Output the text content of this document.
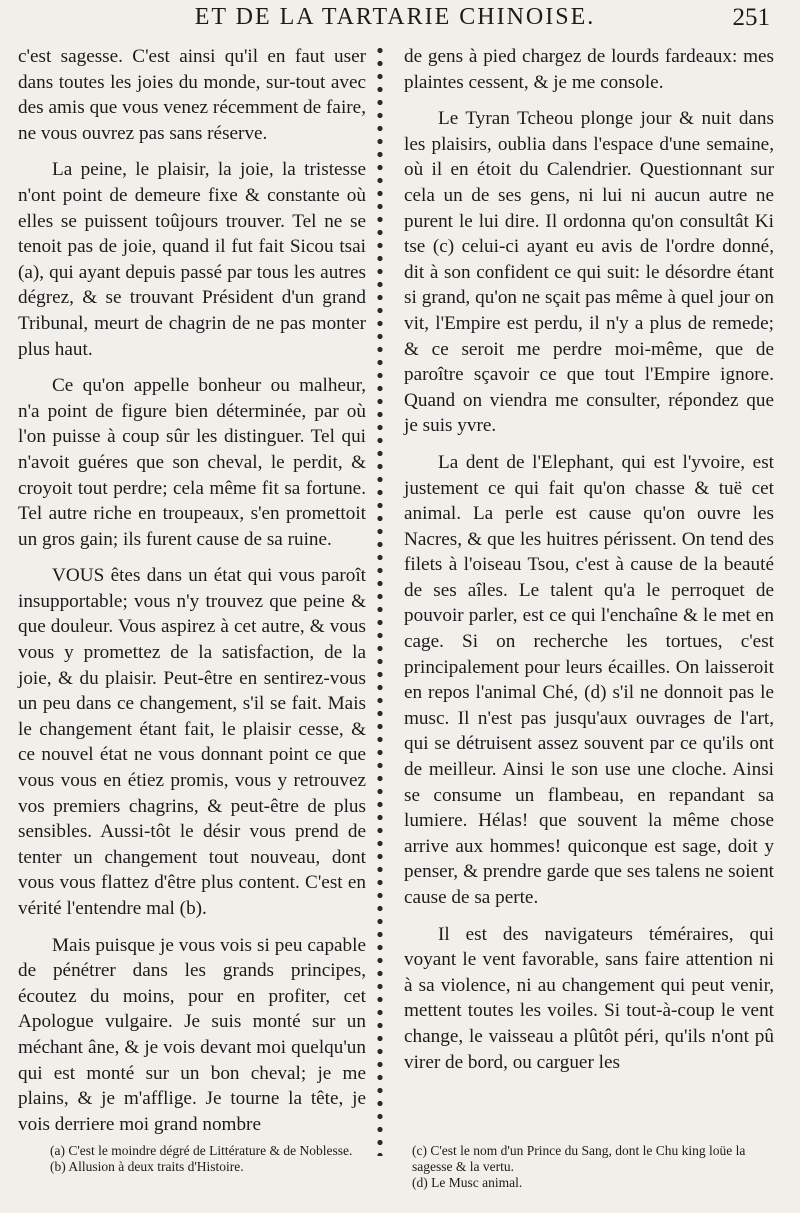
ET DE LA TARTARIE CHINOISE.	251

c'est sagesse. C'est ainsi qu'il en faut user dans toutes les joies du monde, sur-tout avec des amis que vous venez récemment de faire, ne vous ouvrez pas sans réserve.

La peine, le plaisir, la joie, la tristesse n'ont point de demeure fixe & constante où elles se puissent toûjours trouver. Tel ne se tenoit pas de joie, quand il fut fait Sicou tsai (a), qui ayant depuis passé par tous les autres dégrez, & se trouvant Président d'un grand Tribunal, meurt de chagrin de ne pas monter plus haut.

Ce qu'on appelle bonheur ou malheur, n'a point de figure bien déterminée, par où l'on puisse à coup sûr les distinguer. Tel qui n'avoit guéres que son cheval, le perdit, & croyoit tout perdre; cela même fit sa fortune. Tel autre riche en troupeaux, s'en promettoit un gros gain; ils furent cause de sa ruine.

VOUS êtes dans un état qui vous paroît insupportable; vous n'y trouvez que peine & que douleur. Vous aspirez à cet autre, & vous vous y promettez de la satisfaction, de la joie, & du plaisir. Peut-être en sentirez-vous un peu dans ce changement, s'il se fait. Mais le changement étant fait, le plaisir cesse, & ce nouvel état ne vous donnant point ce que vous vous en étiez promis, vous y retrouvez vos premiers chagrins, & peut-être de plus sensibles. Aussi-tôt le désir vous prend de tenter un changement tout nouveau, dont vous vous flattez d'être plus content. C'est en vérité l'entendre mal (b).

Mais puisque je vous vois si peu capable de pénétrer dans les grands principes, écoutez du moins, pour en profiter, cet Apologue vulgaire. Je suis monté sur un méchant âne, & je vois devant moi quelqu'un qui est monté sur un bon cheval; je me plains, & je m'afflige. Je tourne la tête, je vois derriere moi grand nombre

de gens à pied chargez de lourds fardeaux: mes plaintes cessent, & je me console.

Le Tyran Tcheou plonge jour & nuit dans les plaisirs, oublia dans l'espace d'une semaine, où il en étoit du Calendrier. Questionnant sur cela un de ses gens, ni lui ni aucun autre ne purent le lui dire. Il ordonna qu'on consultât Ki tse (c) celui-ci ayant eu avis de l'ordre donné, dit à son confident ce qui suit: le désordre étant si grand, qu'on ne sçait pas même à quel jour on vit, l'Empire est perdu, il n'y a plus de remede; & ce seroit me perdre moi-même, que de paroître sçavoir ce que tout l'Empire ignore. Quand on viendra me consulter, répondez que je suis yvre.

La dent de l'Elephant, qui est l'yvoire, est justement ce qui fait qu'on chasse & tuë cet animal. La perle est cause qu'on ouvre les Nacres, & que les huitres périssent. On tend des filets à l'oiseau Tsou, c'est à cause de la beauté de ses aîles. Le talent qu'a le perroquet de pouvoir parler, est ce qui l'enchaîne & le met en cage. Si on recherche les tortues, c'est principalement pour leurs écailles. On laisseroit en repos l'animal Ché, (d) s'il ne donnoit pas le musc. Il n'est pas jusqu'aux ouvrages de l'art, qui se détruisent assez souvent par ce qu'ils ont de meilleur. Ainsi le son use une cloche. Ainsi se consume un flambeau, en repandant sa lumiere. Hélas! que souvent la même chose arrive aux hommes! quiconque est sage, doit y penser, & prendre garde que ses talens ne soient cause de sa perte.

Il est des navigateurs téméraires, qui voyant le vent favorable, sans faire attention ni à sa violence, ni au changement qui peut venir, mettent toutes les voiles. Si tout-à-coup le vent change, le vaisseau a plûtôt péri, qu'ils n'ont pû virer de bord, ou carguer les

(a) C'est le moindre dégré de Littérature & de Noblesse.
(b) Allusion à deux traits d'Histoire.
(c) C'est le nom d'un Prince du Sang, dont le Chu king loüe la sagesse & la vertu.
(d) Le Musc animal.
